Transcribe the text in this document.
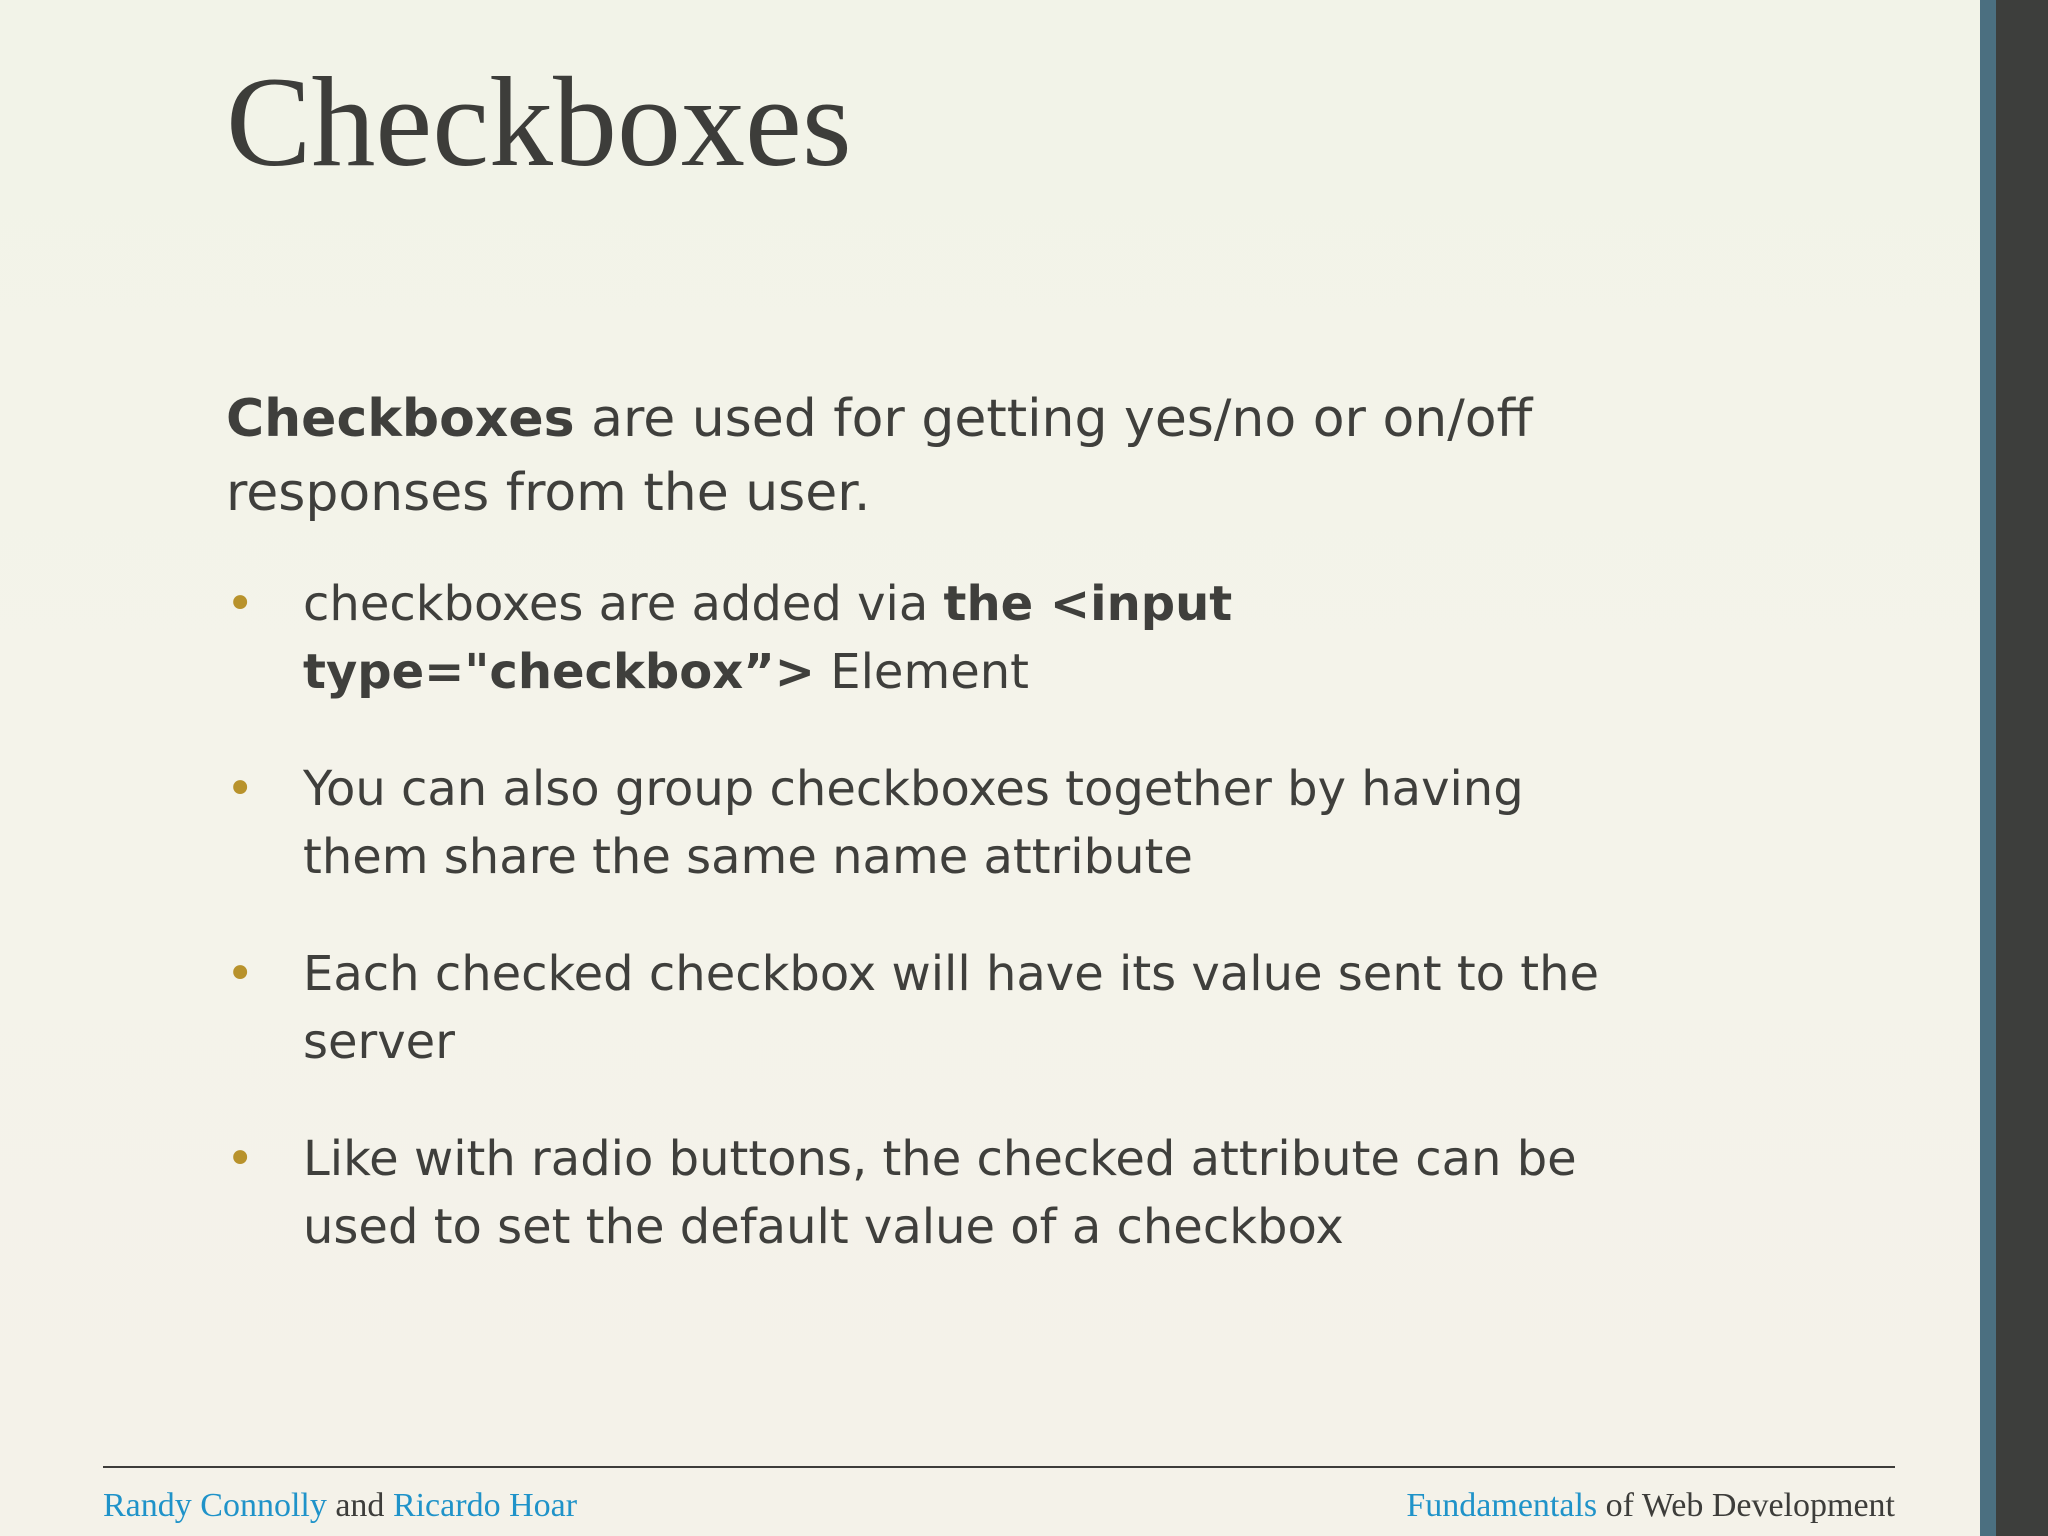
Checkboxes

Checkboxes are used for getting yes/no or on/off responses from the user.

• checkboxes are added via the <input type="checkbox”> Element
• You can also group checkboxes together by having them share the same name attribute
• Each checked checkbox will have its value sent to the server
• Like with radio buttons, the checked attribute can be used to set the default value of a checkbox
Randy Connolly and Ricardo Hoar	Fundamentals of Web Development
